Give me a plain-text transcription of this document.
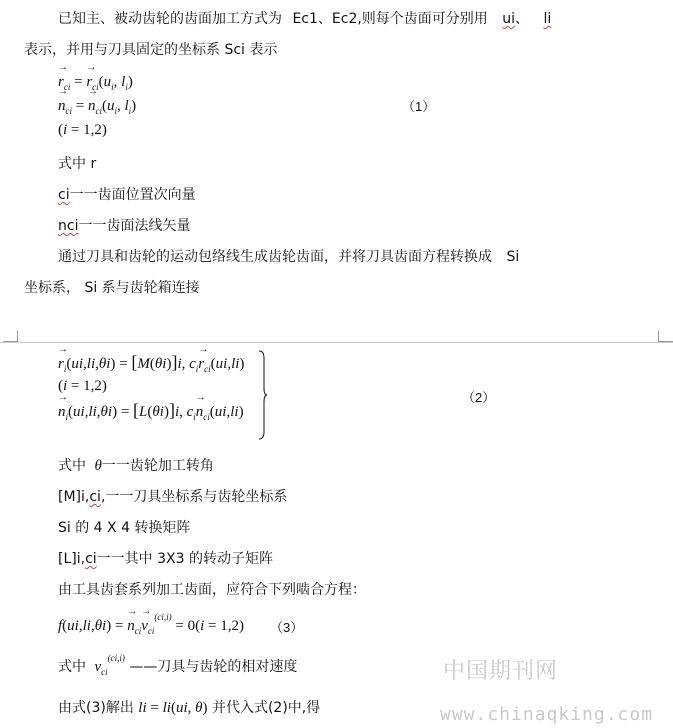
已知主、被动齿轮的齿面加工方式为 Ec1、Ec2,则每个齿面可分别用 ui、 li
表示，并用与刀具固定的坐标系 Sci 表示
→ $r_{ci}$ = → $r_{ci}(u_i$, $l_i$)
→ $n_{ci}$ = → $n_{ci}(u_i$, $l_i$)
(i = 1,2)
（1）
式中 r
ci一一齿面位置次向量
nci一一齿面法线矢量
通过刀具和齿轮的运动包络线生成齿轮齿面，并将刀具齿面方程转换成 Si
坐标系， Si 系与齿轮箱连接
→ $r_i(ui,li,\theta i) = [M(\theta i)]i$, $c_i\to r_{ci}(ui,li)$
(i = 1,2)
→ $n_i(ui,li,\theta i) = [L(\theta i)]i$, $c_i\to n_{ci}(ui,li)$
（2）
式中 θ一一齿轮加工转角
[M]i,ci,一一刀具坐标系与齿轮坐标系
Si 的 4 X 4 转换矩阵
[L]i,ci一一其中 3X3 的转动子矩阵
由工具齿套系列加工齿面，应符合下列啮合方程：
f(ui,li,θi) = → $n_{ci}\to v_{ci}^{(ci,i)} = 0(i = 1,2)$ （3）
式中 $v_{ci}^{(ci,i)}$ ——刀具与齿轮的相对速度
由式(3)解出 li = li(ui, θ) 并代入式(2)中,得
中国期刊网
www.chinaqking.com
